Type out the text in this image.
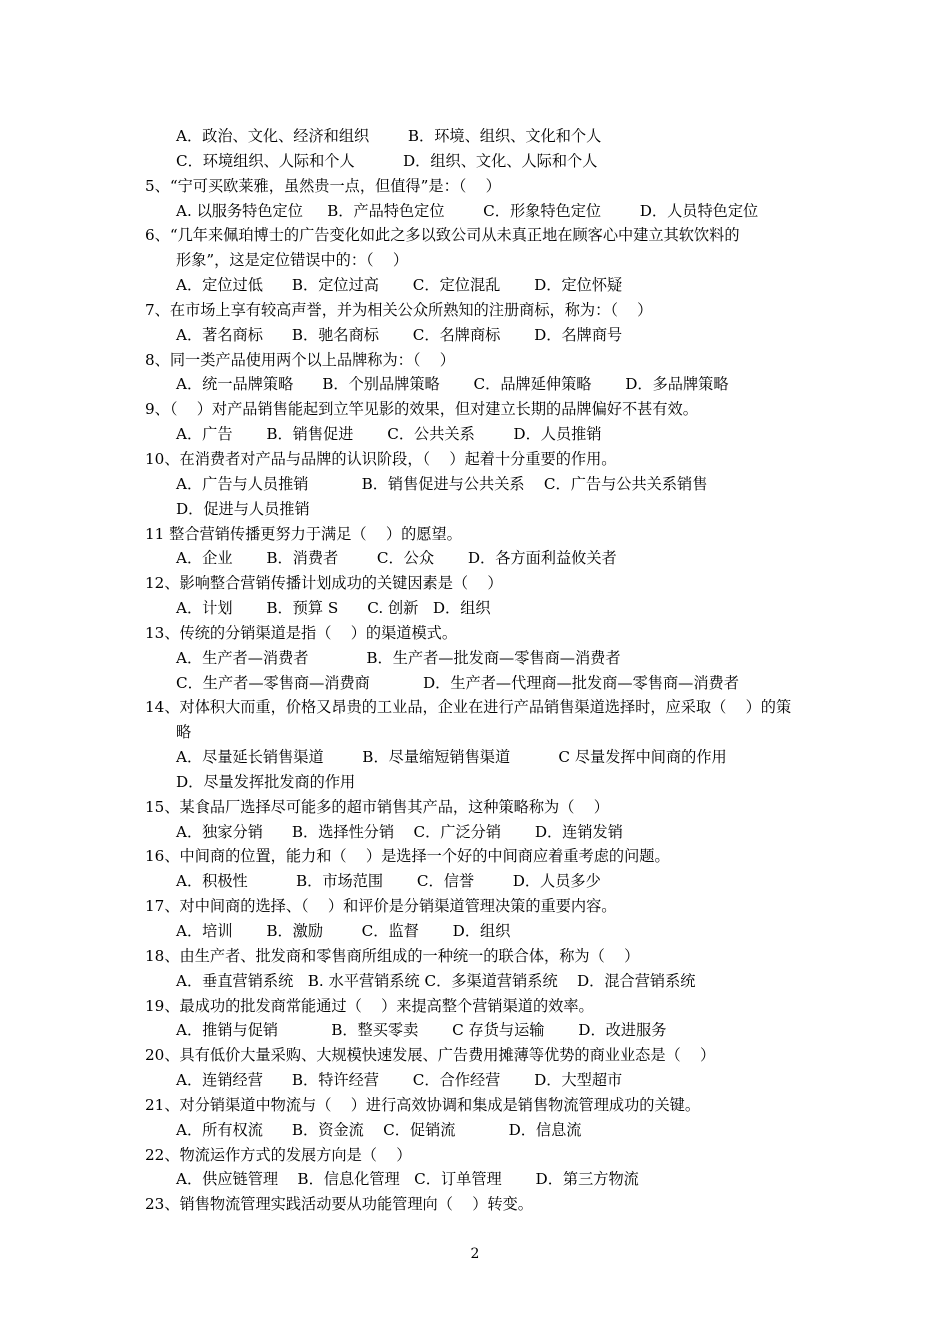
A．政治、文化、经济和组织        B．环境、组织、文化和个人
C．环境组织、人际和个人          D．组织、文化、人际和个人
5、“宁可买欧莱雅，虽然贵一点，但值得”是：（    ）
A. 以服务特色定位     B．产品特色定位        C．形象特色定位        D．人员特色定位
6、“几年来佩珀博士的广告变化如此之多以致公司从未真正地在顾客心中建立其软饮料的
形象”，这是定位错误中的：（    ）
A．定位过低      B．定位过高       C．定位混乱       D．定位怀疑
7、在市场上享有较高声誉，并为相关公众所熟知的注册商标，称为：（    ）
A．著名商标      B．驰名商标       C．名牌商标       D．名牌商号
8、同一类产品使用两个以上品牌称为：（    ）
A．统一品牌策略      B．个别品牌策略       C．品牌延伸策略       D．多品牌策略
9、（    ）对产品销售能起到立竿见影的效果，但对建立长期的品牌偏好不甚有效。
A．广告       B．销售促进       C．公共关系        D．人员推销
10、在消费者对产品与品牌的认识阶段，（    ）起着十分重要的作用。
A．广告与人员推销           B．销售促进与公共关系    C．广告与公共关系销售
D．促进与人员推销
11 整合营销传播更努力于满足（    ）的愿望。
A．企业       B．消费者        C．公众       D．各方面利益攸关者
12、影响整合营销传播计划成功的关键因素是（    ）
A．计划       B．预算 S      C. 创新   D．组织
13、传统的分销渠道是指（    ）的渠道模式。
A．生产者—消费者            B．生产者—批发商—零售商—消费者
C．生产者—零售商—消费商           D．生产者—代理商—批发商—零售商—消费者
14、对体积大而重，价格又昂贵的工业品，企业在进行产品销售渠道选择时，应采取（    ）的策
略
A．尽量延长销售渠道        B．尽量缩短销售渠道          C 尽量发挥中间商的作用
D．尽量发挥批发商的作用
15、某食品厂选择尽可能多的超市销售其产品，这种策略称为（    ）
A．独家分销      B．选择性分销    C．广泛分销       D．连销发销
16、中间商的位置，能力和（    ）是选择一个好的中间商应着重考虑的问题。
A．积极性          B．市场范围       C．信誉        D．人员多少
17、对中间商的选择、（    ）和评价是分销渠道管理决策的重要内容。
A．培训       B．激励        C．监督       D．组织
18、由生产者、批发商和零售商所组成的一种统一的联合体，称为（    ）
A．垂直营销系统   B. 水平营销系统 C．多渠道营销系统    D．混合营销系统
19、最成功的批发商常能通过（    ）来提高整个营销渠道的效率。
A．推销与促销           B．整买零卖       C 存货与运输       D．改进服务
20、具有低价大量采购、大规模快速发展、广告费用摊薄等优势的商业业态是（    ）
A．连销经营      B．特许经营       C．合作经营       D．大型超市
21、对分销渠道中物流与（    ）进行高效协调和集成是销售物流管理成功的关键。
A．所有权流      B．资金流    C．促销流           D．信息流
22、物流运作方式的发展方向是（    ）
A．供应链管理    B．信息化管理   C．订单管理       D．第三方物流
23、销售物流管理实践活动要从功能管理向（    ）转变。
2
